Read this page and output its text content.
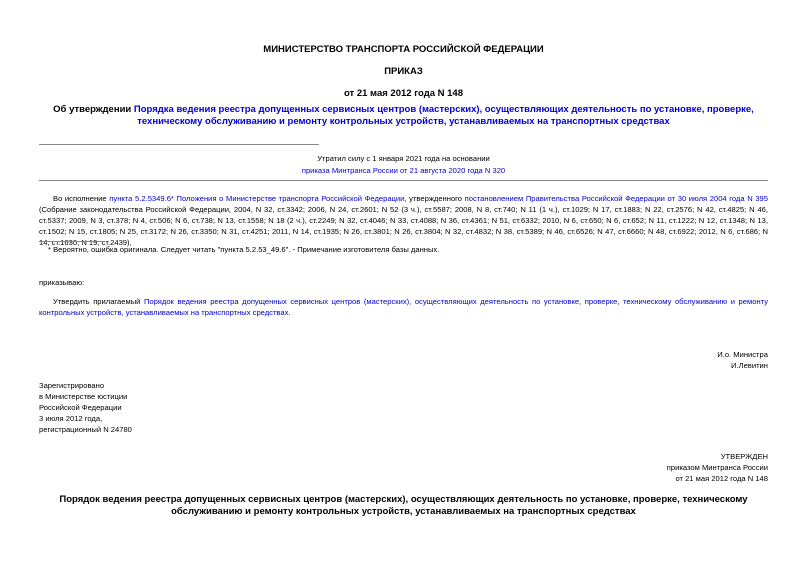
МИНИСТЕРСТВО ТРАНСПОРТА РОССИЙСКОЙ ФЕДЕРАЦИИ
ПРИКАЗ
от 21 мая 2012 года N 148
Об утверждении Порядка ведения реестра допущенных сервисных центров (мастерских), осуществляющих деятельность по установке, проверке, техническому обслуживанию и ремонту контрольных устройств, устанавливаемых на транспортных средствах
Утратил силу с 1 января 2021 года на основании
приказа Минтранса России от 21 августа 2020 года N 320
Во исполнение пункта 5.2.5349.6* Положения о Министерстве транспорта Российской Федерации, утвержденного постановлением Правительства Российской Федерации от 30 июля 2004 года N 395 (Собрание законодательства Российской Федерации, 2004, N 32, ст.3342; 2006, N 24, ст.2601; N 52 (3 ч.), ст.5587; 2008, N 8, ст.740; N 11 (1 ч.), ст.1029; N 17, ст.1883; N 22, ст.2576; N 42, ст.4825; N 46, ст.5337; 2009, N 3, ст.378; N 4, ст.506; N 6, ст.738; N 13, ст.1558; N 18 (2 ч.), ст.2249; N 32, ст.4046; N 33, ст.4088; N 36, ст.4361; N 51, ст.6332; 2010, N 6, ст.650; N 6, ст.652; N 11, ст.1222; N 12, ст.1348; N 13, ст.1502; N 15, ст.1805; N 25, ст.3172; N 26, ст.3350; N 31, ст.4251; 2011, N 14, ст.1935; N 26, ст.3801; N 26, ст.3804; N 32, ст.4832; N 38, ст.5389; N 46, ст.6526; N 47, ст.6660; N 48, ст.6922; 2012, N 6, ст.686; N 14, ст.1630; N 19, ст.2439),
* Вероятно, ошибка оригинала. Следует читать "пункта 5.2.53_49.6". - Примечание изготовителя базы данных.
приказываю:
Утвердить прилагаемый Порядок ведения реестра допущенных сервисных центров (мастерских), осуществляющих деятельность по установке, проверке, техническому обслуживанию и ремонту контрольных устройств, устанавливаемых на транспортных средствах.
И.о. Министра
И.Левитин
Зарегистрировано
в Министерстве юстиции
Российской Федерации
3 июля 2012 года,
регистрационный N 24780
УТВЕРЖДЕН
приказом Минтранса России
от 21 мая 2012 года N 148
Порядок ведения реестра допущенных сервисных центров (мастерских), осуществляющих деятельность по установке, проверке, техническому обслуживанию и ремонту контрольных устройств, устанавливаемых на транспортных средствах
